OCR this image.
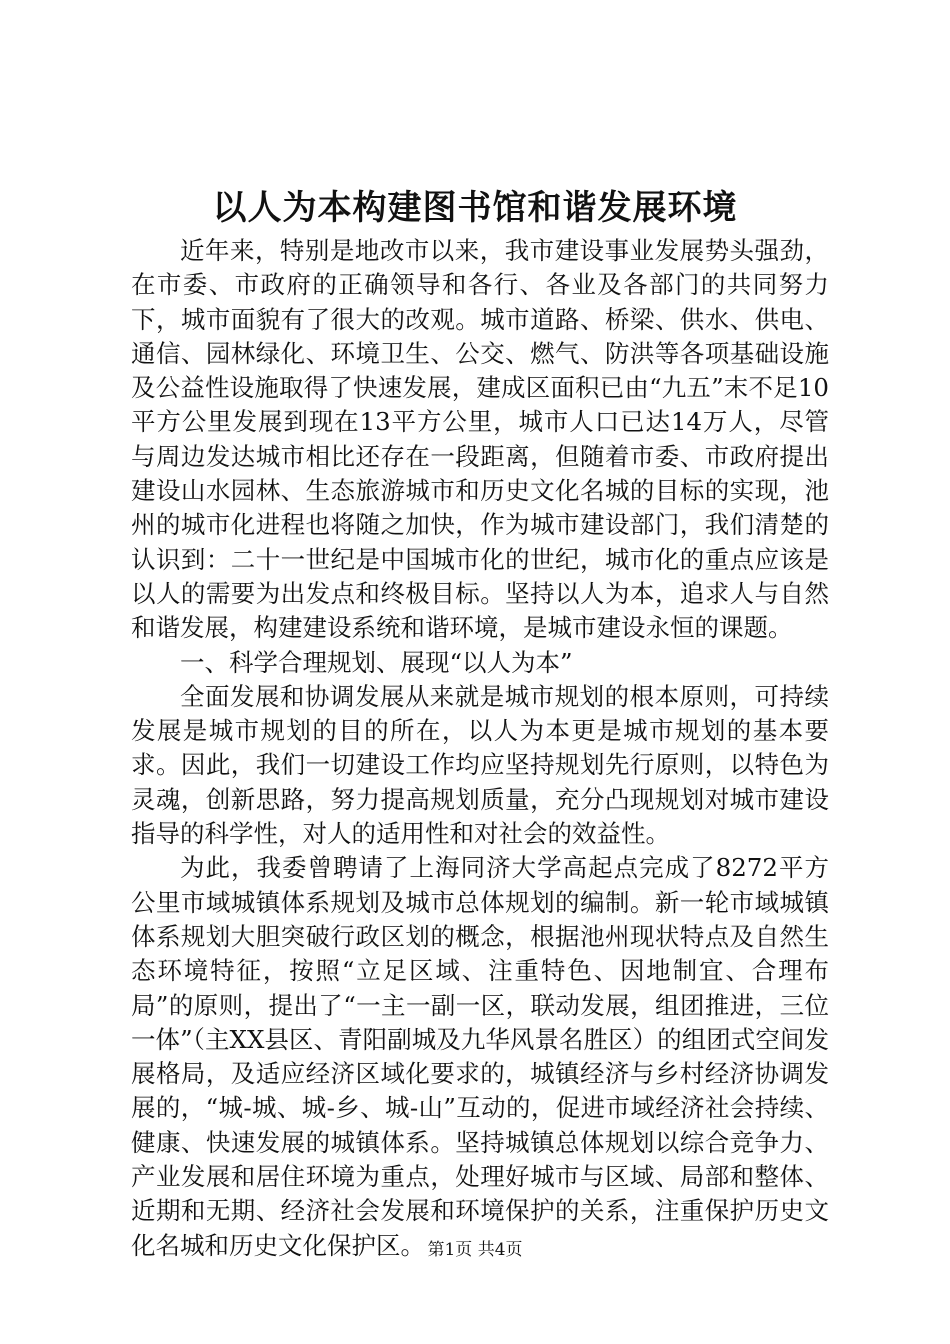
以人为本构建图书馆和谐发展环境

近年来，特别是地改市以来，我市建设事业发展势头强劲，在市委、市政府的正确领导和各行、各业及各部门的共同努力下，城市面貌有了很大的改观。城市道路、桥梁、供水、供电、通信、园林绿化、环境卫生、公交、燃气、防洪等各项基础设施及公益性设施取得了快速发展，建成区面积已由“九五”末不足10平方公里发展到现在13平方公里，城市人口已达14万人，尽管与周边发达城市相比还存在一段距离，但随着市委、市政府提出建设山水园林、生态旅游城市和历史文化名城的目标的实现，池州的城市化进程也将随之加快，作为城市建设部门，我们清楚的认识到：二十一世纪是中国城市化的世纪，城市化的重点应该是以人的需要为出发点和终极目标。坚持以人为本，追求人与自然和谐发展，构建建设系统和谐环境，是城市建设永恒的课题。

一、科学合理规划、展现“以人为本”

全面发展和协调发展从来就是城市规划的根本原则，可持续发展是城市规划的目的所在，以人为本更是城市规划的基本要求。因此，我们一切建设工作均应坚持规划先行原则，以特色为灵魂，创新思路，努力提高规划质量，充分凸现规划对城市建设指导的科学性，对人的适用性和对社会的效益性。

为此，我委曾聘请了上海同济大学高起点完成了8272平方公里市域城镇体系规划及城市总体规划的编制。新一轮市域城镇体系规划大胆突破行政区划的概念，根据池州现状特点及自然生态环境特征，按照“立足区域、注重特色、因地制宜、合理布局”的原则，提出了“一主一副一区，联动发展，组团推进，三位一体”（主XX县区、青阳副城及九华风景名胜区）的组团式空间发展格局，及适应经济区域化要求的，城镇经济与乡村经济协调发展的，“城-城、城-乡、城-山”互动的，促进市域经济社会持续、健康、快速发展的城镇体系。坚持城镇总体规划以综合竞争力、产业发展和居住环境为重点，处理好城市与区域、局部和整体、近期和无期、经济社会发展和环境保护的关系，注重保护历史文化名城和历史文化保护区。 第1页 共4页
